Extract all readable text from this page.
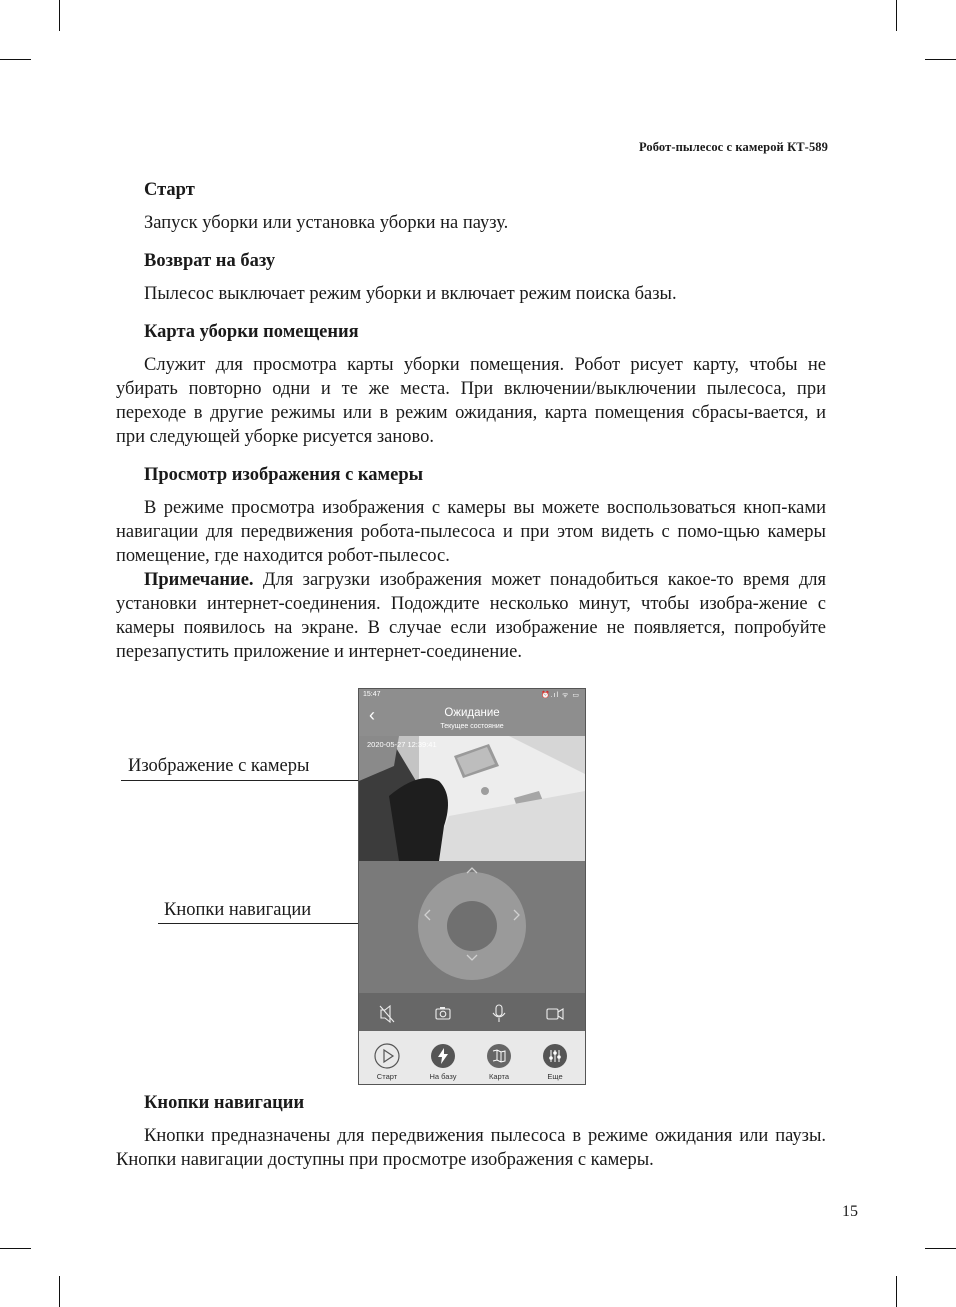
Робот-пылесос с камерой КТ-589
Старт

Запуск уборки или установка уборки на паузу.

Возврат на базу

Пылесос выключает режим уборки и включает режим поиска базы.

Карта уборки помещения

Служит для просмотра карты уборки помещения. Робот рисует карту, чтобы не убирать повторно одни и те же места. При включении/выключении пылесоса, при переходе в другие режимы или в режим ожидания, карта помещения сбрасы-вается, и при следующей уборке рисуется заново.

Просмотр изображения с камеры

В режиме просмотра изображения с камеры вы можете воспользоваться кноп-ками навигации для передвижения робота-пылесоса и при этом видеть с помо-щью камеры помещение, где находится робот-пылесос.

Примечание. Для загрузки изображения может понадобиться какое-то время для установки интернет-соединения. Подождите несколько минут, чтобы изобра-жение с камеры появилось на экране. В случае если изображение не появляется, попробуйте перезапустить приложение и интернет-соединение.

Изображение с камеры
Кнопки навигации
15:47	⏰.ıl ᯤ ▭
‹	Ожидание
Текущее состояние
2020-05-27 12:39:41
Старт	На базу	Карта	Еще
Кнопки навигации

Кнопки предназначены для передвижения пылесоса в режиме ожидания или паузы. Кнопки навигации доступны при просмотре изображения с камеры.

15
